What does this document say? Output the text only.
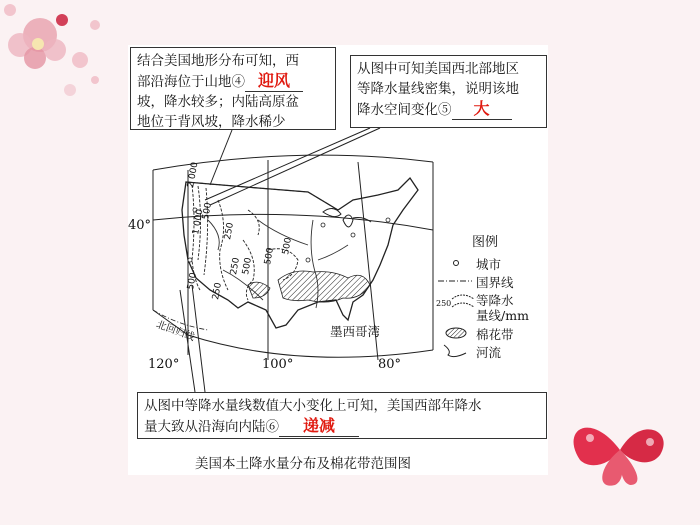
2 000
1 000
500
250
500
500
250
500
250
500
40°
120°	100°	80°
墨西哥湾
北回归线
图例
城市
国界线
250 等降水
量线/mm
棉花带
河流
结合美国地形分布可知，西
部沿海位于山地④ 迎风
坡，降水较多；内陆高原盆
地位于背风坡，降水稀少
从图中可知美国西北部地区
等降水量线密集，说明该地
降水空间变化⑤ 大
从图中等降水量线数值大小变化上可知，美国西部年降水
量大致从沿海向内陆⑥ 递减
美国本土降水量分布及棉花带范围图
